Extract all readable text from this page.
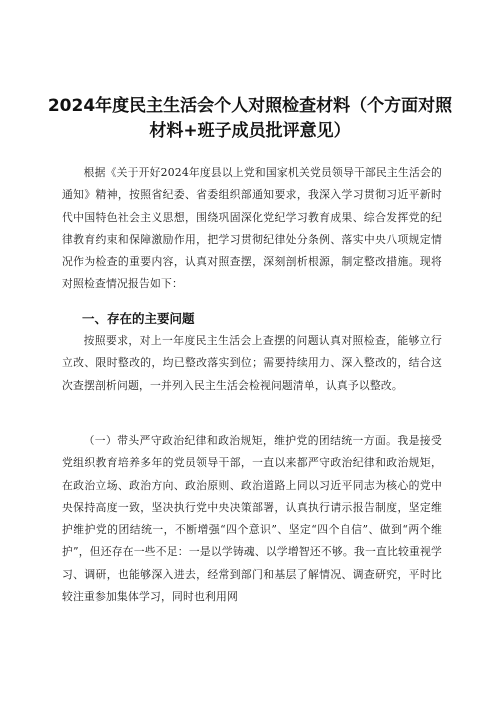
2024年度民主生活会个人对照检查材料（个方面对照材料+班子成员批评意见）

根据《关于开好2024年度县以上党和国家机关党员领导干部民主生活会的通知》精神，按照省纪委、省委组织部通知要求，我深入学习贯彻习近平新时代中国特色社会主义思想，围绕巩固深化党纪学习教育成果、综合发挥党的纪律教育约束和保障激励作用，把学习贯彻纪律处分条例、落实中央八项规定情况作为检查的重要内容，认真对照查摆，深刻剖析根源，制定整改措施。现将对照检查情况报告如下：

一、存在的主要问题

按照要求，对上一年度民主生活会上查摆的问题认真对照检查，能够立行立改、限时整改的，均已整改落实到位；需要持续用力、深入整改的，结合这次查摆剖析问题，一并列入民主生活会检视问题清单，认真予以整改。

（一）带头严守政治纪律和政治规矩，维护党的团结统一方面。我是接受党组织教育培养多年的党员领导干部，一直以来都严守政治纪律和政治规矩，在政治立场、政治方向、政治原则、政治道路上同以习近平同志为核心的党中央保持高度一致，坚决执行党中央决策部署，认真执行请示报告制度，坚定维护维护党的团结统一，不断增强“四个意识”、坚定“四个自信”、做到“两个维护”，但还存在一些不足：一是以学铸魂、以学增智还不够。我一直比较重视学习、调研，也能够深入进去，经常到部门和基层了解情况、调查研究，平时比较注重参加集体学习，同时也利用网
